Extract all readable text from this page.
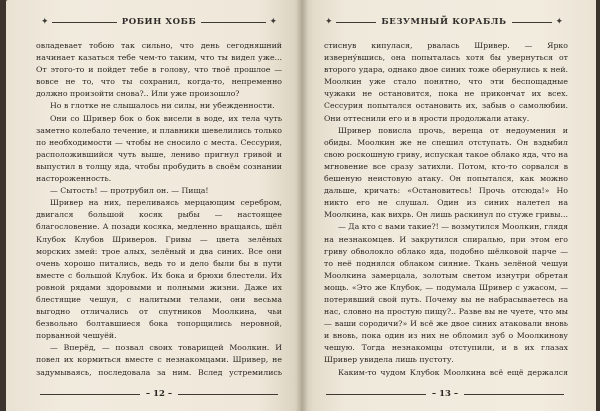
✦	РОБИН ХОББ	✦

овладевает тобою так сильно, что день сегодняшний начинает казаться тебе чем-то таким, что ты видел уже... От этого-то и пойдет тебе в голову, что твоё прошлое — вовсе не то, что ты сохранил, когда-то, непременно должно произойти снова?.. Или уже произошло?

Но в глотке не слышалось ни силы, ни убежденности.

Они со Шривер бок о бок висели в воде, их тела чуть заметно колебало течение, и плавники шевелились только по необходимости — чтобы не сносило с места. Сессурия, расположившийся чуть выше, лениво пригнул гривой и выпустил в толщу яда, чтобы пробудить в своём сознании настороженность.

— Сытость! — протрубил он. — Пища!

Шривер на них, переливаясь мерцающим серебром, двигался большой косяк рыбы — настоящее благословение. А позади косяка, медленно вращаясь, шёл Клубок Клубов Шриверов. Гривы — цвета зелёных морских змей: трое алых, зелёный и два синих. Все они очень хорошо питались, ведь то и дело были бы в пути вместе с большой Клубок. Их бока и брюхи блестели. Их ровной рядами здоровыми и полными жизни. Даже их блестящие чешуя, с налитыми телами, они весьма выгодно отличались от спутников Моолкина, чьи безвольно болтавшиеся бока топорщились неровной, порванной чешуёй.

— Вперёд, — позвал своих товарищей Моолкин. И повел их кормиться вместе с незнакомцами. Шривер, не задумываясь, последовала за ним. Вслед устремились

– 12 –
✦	БЕЗУМНЫЙ КОРАБЛЬ	✦

стиснув кипулася, рвалась Шривер. — Ярко изверну́вшись, она попыталась хотя бы увернуться от второго удара, однако двое синих тоже обернулись к ней. Моолкин уже стало понятно, что эти беспощадные чужаки не остановятся, пока не прикончат их всех. Сессурия попытался остановить их, забыв о самолюбии. Они оттеснили его и в ярости продолжали атаку.

Шривер повисла прочь, вереща от недоумения и обиды. Моолкин же не спешил отступать. Он вздыбил свою роскошную гриву, испуская такое облако яда, что на мгновение все сразу затихли. Потом, кто-то сорвался в бешеную неистовую атаку. Он попытался, как можно дальше, кричать: «Остановитесь! Прочь отсюда!» Но никто его не слушал. Один из синих налетел на Моолкина, как вихрь. Он лишь раскинул по стуже гривы...

— Да кто с вами такие?! — возмутился Моолкин, глядя на незнакомцев. И закрутился спиралью, при этом его гриву обволокло облако яда, подобно шёлковой парче — то неё поднялся облаком сияние. Ткань зелёной чешуи Моолкина замерцала, золотым светом изнутри обретая мощь. «Это же Клубок, — подумала Шривер с ужасом, — потерявший свой путь. Почему вы не набрасываетесь на нас, словно на простую пищу?.. Разве вы не чуете, что мы — ваши сородичи?» И всё же двое синих атаковали вновь и вновь, пока один из них не обломил зуб о Моолкинову чешую. Тогда незнакомцы отступили, и в их глазах Шривер увидела лишь пустоту.

Каким-то чудом Клубок Моолкина всё ещё держался

– 13 –
